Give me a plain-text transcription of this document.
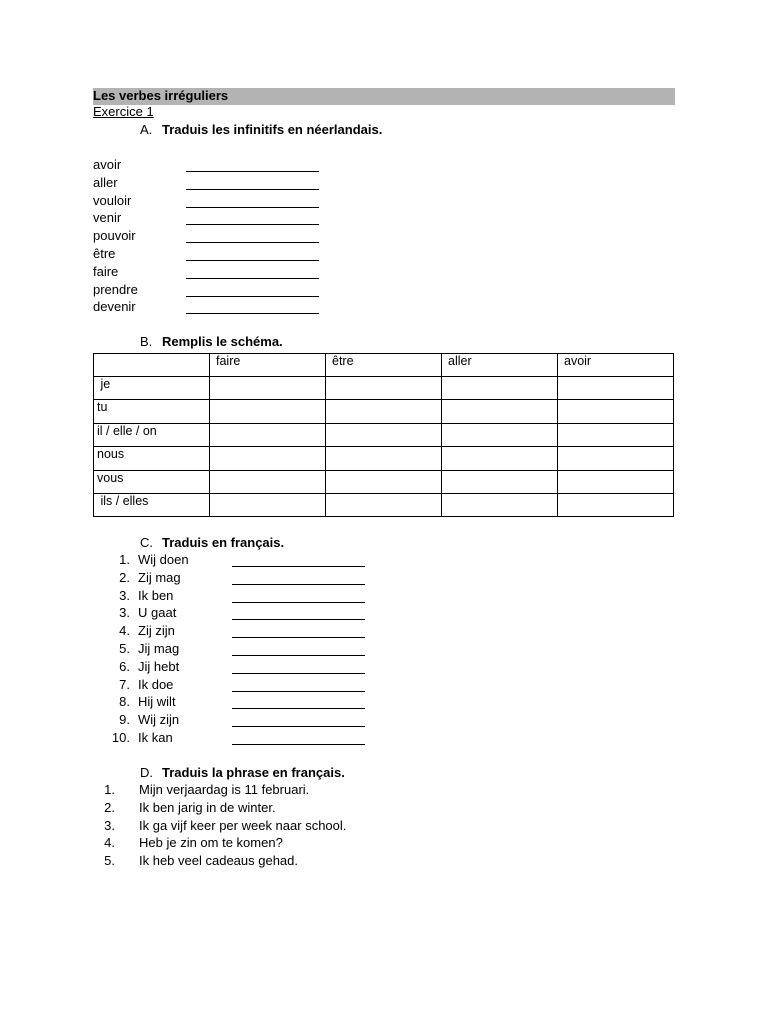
Les verbes irréguliers
Exercice 1
A. Traduis les infinitifs en néerlandais.
avoir
aller
vouloir
venir
pouvoir
être
faire
prendre
devenir
B. Remplis le schéma.
	faire	être	aller	avoir
je				
tu				
il / elle / on				
nous				
vous				
ils / elles				
C. Traduis en français.
1. Wij doen
2. Zij mag
3. Ik ben
3. U gaat
4. Zij zijn
5. Jij mag
6. Jij hebt
7. Ik doe
8. Hij wilt
9. Wij zijn
10. Ik kan
D. Traduis la phrase en français.
1. Mijn verjaardag is 11 februari.
2. Ik ben jarig in de winter.
3. Ik ga vijf keer per week naar school.
4. Heb je zin om te komen?
5. Ik heb veel cadeaus gehad.
